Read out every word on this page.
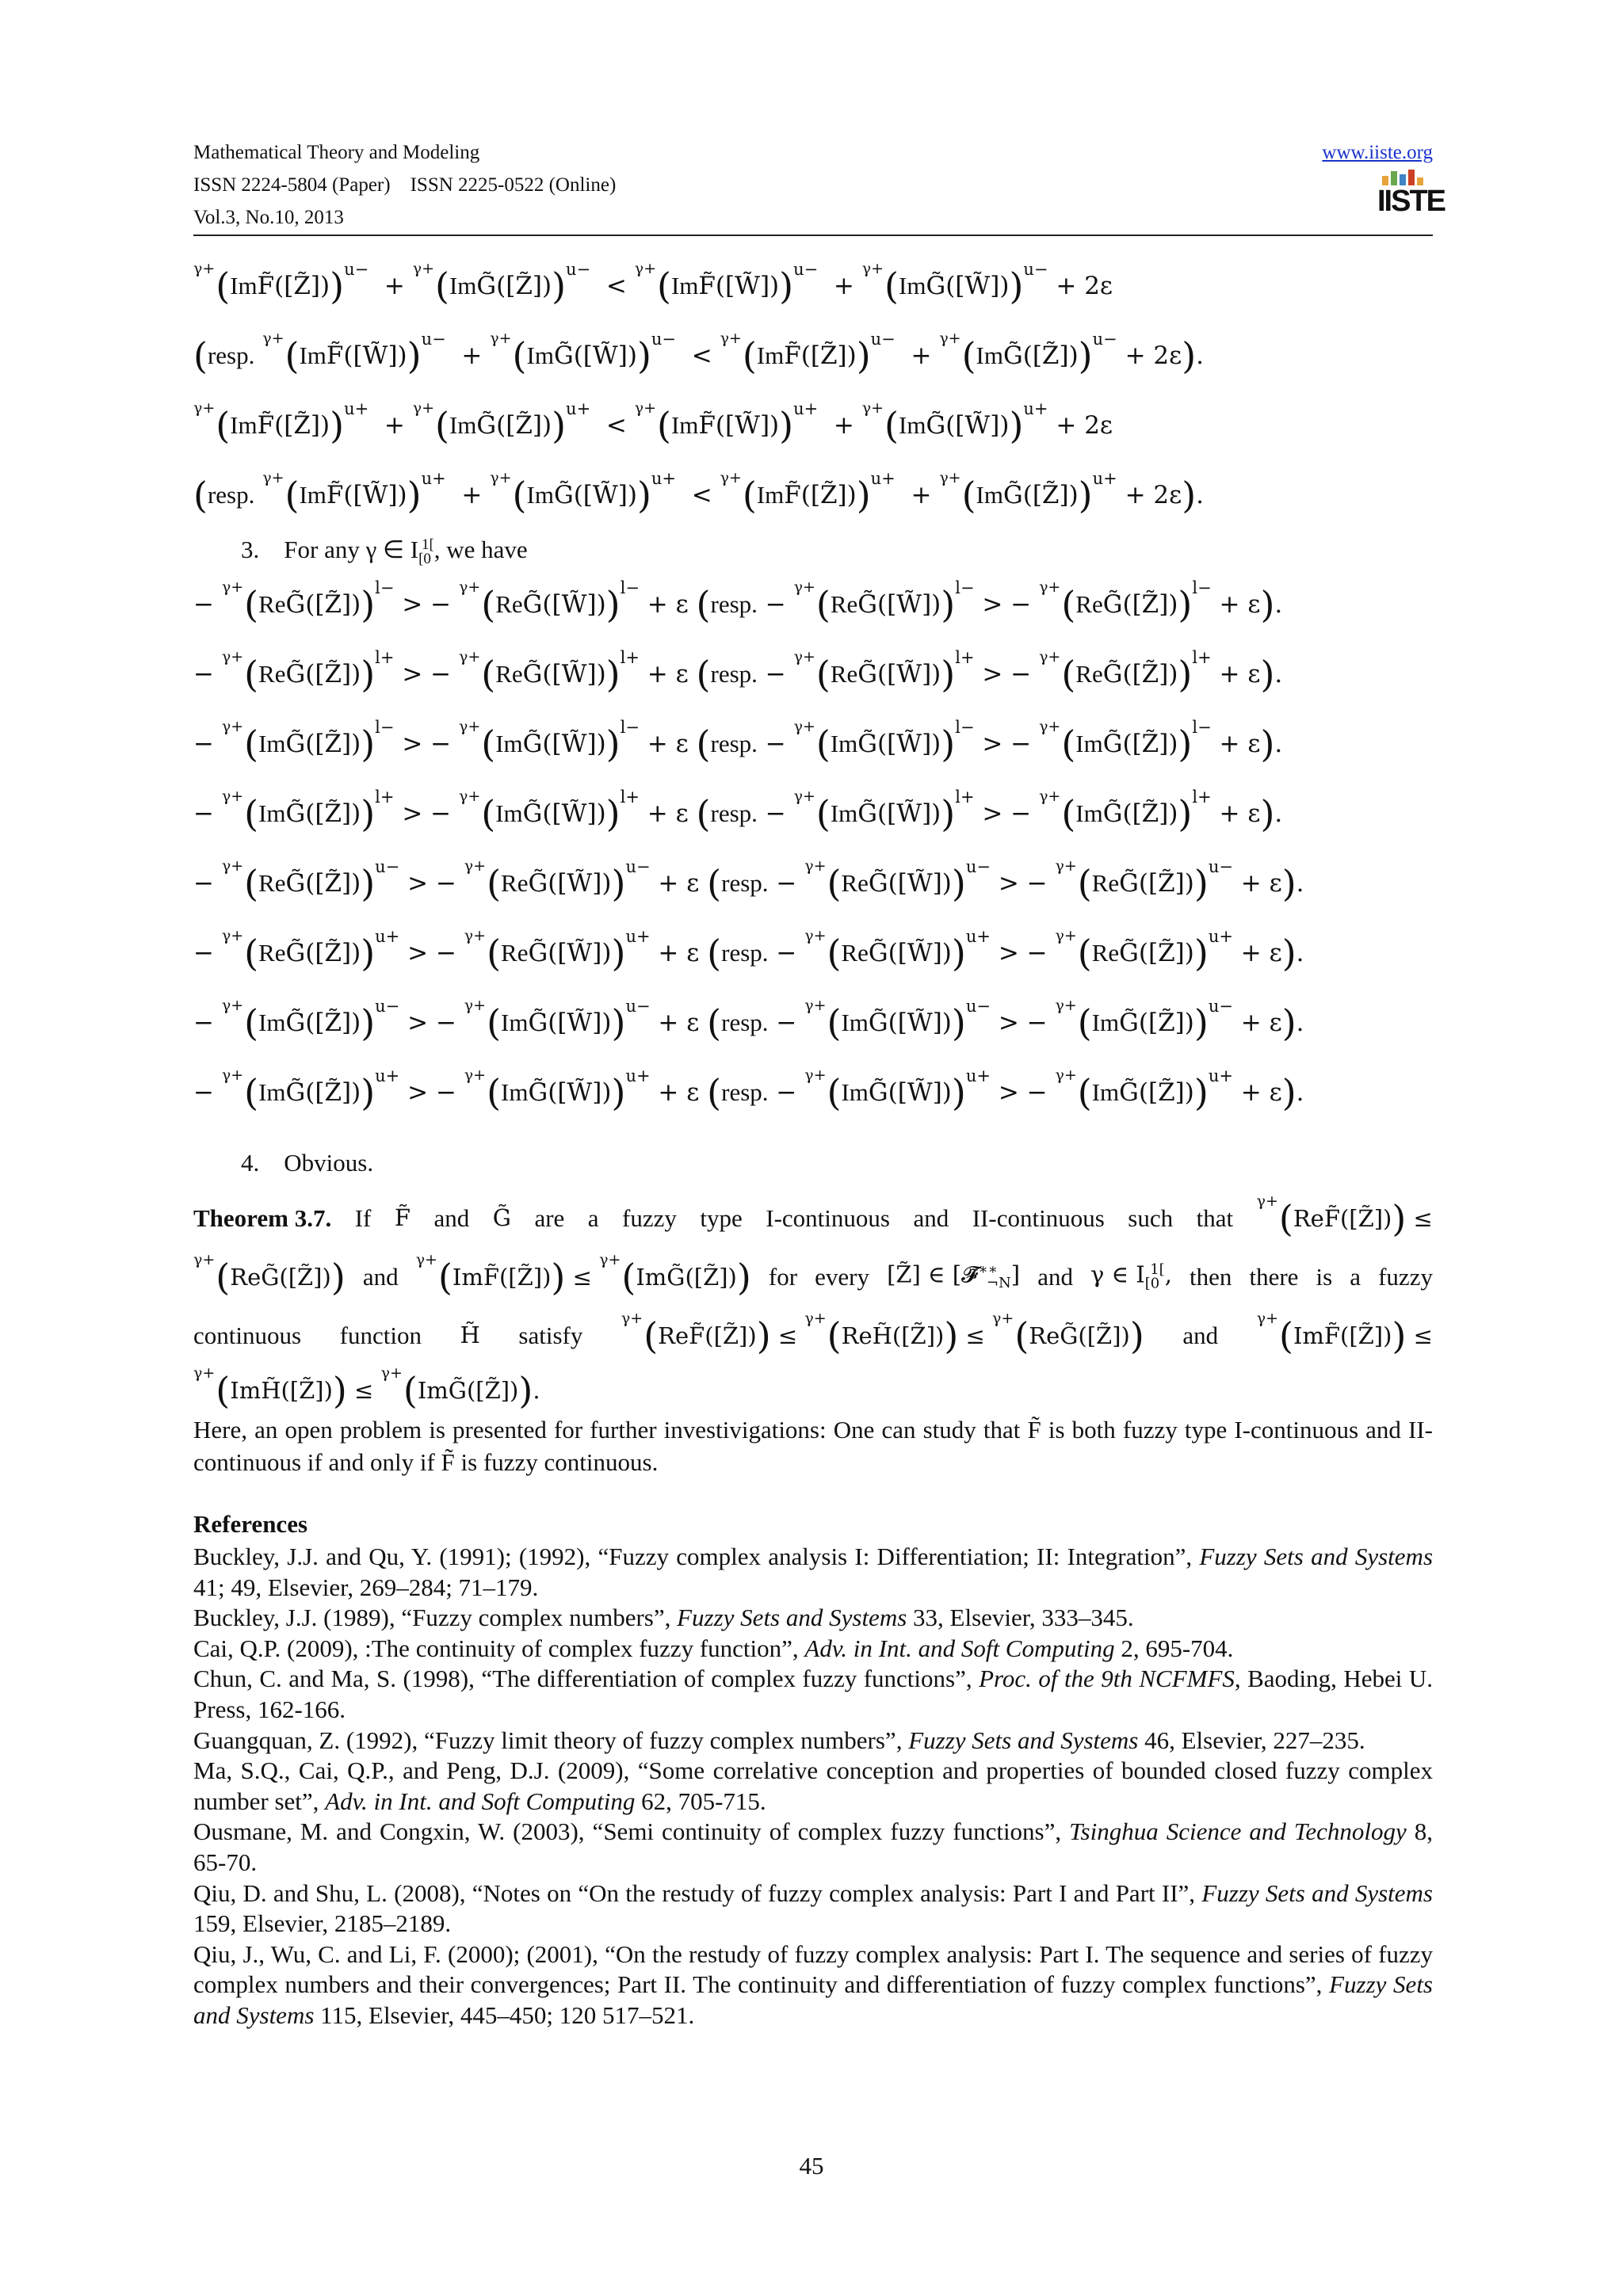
Mathematical Theory and Modeling
ISSN 2224-5804 (Paper)    ISSN 2225-0522 (Online)
Vol.3, No.10, 2013
www.iiste.org
IISTE
$^{\gamma+}$(ImF̃([Z̃]))$^{u-}$  + $^{\gamma+}$(ImG̃([Z̃]))$^{u-}$  < $^{\gamma+}$(ImF̃([W̃]))$^{u-}$  + $^{\gamma+}$(ImG̃([W̃]))$^{u-}$ + 2ε
(resp. $^{\gamma+}$(ImF̃([W̃]))$^{u-}$  + $^{\gamma+}$(ImG̃([W̃]))$^{u-}$  < $^{\gamma+}$(ImF̃([Z̃]))$^{u-}$  + $^{\gamma+}$(ImG̃([Z̃]))$^{u-}$ + 2ε).
$^{\gamma+}$(ImF̃([Z̃]))$^{u+}$  + $^{\gamma+}$(ImG̃([Z̃]))$^{u+}$  < $^{\gamma+}$(ImF̃([W̃]))$^{u+}$  + $^{\gamma+}$(ImG̃([W̃]))$^{u+}$ + 2ε
(resp. $^{\gamma+}$(ImF̃([W̃]))$^{u+}$  + $^{\gamma+}$(ImG̃([W̃]))$^{u+}$  < $^{\gamma+}$(ImF̃([Z̃]))$^{u+}$  + $^{\gamma+}$(ImG̃([Z̃]))$^{u+}$ + 2ε).
3. For any γ ∈ $I_{[0}^{1[}$, we have
− $^{\gamma+}$(ReG̃([Z̃]))$^{l-}$ > − $^{\gamma+}$(ReG̃([W̃]))$^{l-}$ + ε (resp. − $^{\gamma+}$(ReG̃([W̃]))$^{l-}$ > − $^{\gamma+}$(ReG̃([Z̃]))$^{l-}$ + ε).
− $^{\gamma+}$(ReG̃([Z̃]))$^{l+}$ > − $^{\gamma+}$(ReG̃([W̃]))$^{l+}$ + ε (resp. − $^{\gamma+}$(ReG̃([W̃]))$^{l+}$ > − $^{\gamma+}$(ReG̃([Z̃]))$^{l+}$ + ε).
− $^{\gamma+}$(ImG̃([Z̃]))$^{l-}$ > − $^{\gamma+}$(ImG̃([W̃]))$^{l-}$ + ε (resp. − $^{\gamma+}$(ImG̃([W̃]))$^{l-}$ > − $^{\gamma+}$(ImG̃([Z̃]))$^{l-}$ + ε).
− $^{\gamma+}$(ImG̃([Z̃]))$^{l+}$ > − $^{\gamma+}$(ImG̃([W̃]))$^{l+}$ + ε (resp. − $^{\gamma+}$(ImG̃([W̃]))$^{l+}$ > − $^{\gamma+}$(ImG̃([Z̃]))$^{l+}$ + ε).
− $^{\gamma+}$(ReG̃([Z̃]))$^{u-}$ > − $^{\gamma+}$(ReG̃([W̃]))$^{u-}$ + ε (resp. − $^{\gamma+}$(ReG̃([W̃]))$^{u-}$ > − $^{\gamma+}$(ReG̃([Z̃]))$^{u-}$ + ε).
− $^{\gamma+}$(ReG̃([Z̃]))$^{u+}$ > − $^{\gamma+}$(ReG̃([W̃]))$^{u+}$ + ε (resp. − $^{\gamma+}$(ReG̃([W̃]))$^{u+}$ > − $^{\gamma+}$(ReG̃([Z̃]))$^{u+}$ + ε).
− $^{\gamma+}$(ImG̃([Z̃]))$^{u-}$ > − $^{\gamma+}$(ImG̃([W̃]))$^{u-}$ + ε (resp. − $^{\gamma+}$(ImG̃([W̃]))$^{u-}$ > − $^{\gamma+}$(ImG̃([Z̃]))$^{u-}$ + ε).
− $^{\gamma+}$(ImG̃([Z̃]))$^{u+}$ > − $^{\gamma+}$(ImG̃([W̃]))$^{u+}$ + ε (resp. − $^{\gamma+}$(ImG̃([W̃]))$^{u+}$ > − $^{\gamma+}$(ImG̃([Z̃]))$^{u+}$ + ε).
4. Obvious.
Theorem 3.7. If F̃ and G̃ are a fuzzy type I-continuous and II-continuous such that
$^{\gamma+}$(ReF̃([Z̃])) ≤
$^{\gamma+}$(ReG̃([Z̃])) and
$^{\gamma+}$(ImF̃([Z̃])) ≤ $^{\gamma+}$(ImG̃([Z̃])) for every [Z̃] ∈ $[𝓕̃^{∗∗}_{\neg N}]$ and γ ∈ $I_{[0}^{1[}$, then there is a fuzzy
continuous function H̃ satisfy
$^{\gamma+}$(ReF̃([Z̃])) ≤ $^{\gamma+}$(ReH̃([Z̃])) ≤ $^{\gamma+}$(ReG̃([Z̃])) and
$^{\gamma+}$(ImF̃([Z̃])) ≤
$^{\gamma+}$(ImH̃([Z̃])) ≤ $^{\gamma+}$(ImG̃([Z̃])).
Here, an open problem is presented for further investivigations: One can study that F̃ is both fuzzy type I-continuous and II-continuous if and only if F̃ is fuzzy continuous.
References
Buckley, J.J. and Qu, Y. (1991); (1992), “Fuzzy complex analysis I: Differentiation; II: Integration”, Fuzzy Sets and Systems 41; 49, Elsevier, 269–284; 71–179.
Buckley, J.J. (1989), “Fuzzy complex numbers”, Fuzzy Sets and Systems 33, Elsevier, 333–345.
Cai, Q.P. (2009), :The continuity of complex fuzzy function”, Adv. in Int. and Soft Computing 2, 695-704.
Chun, C. and Ma, S. (1998), “The differentiation of complex fuzzy functions”, Proc. of the 9th NCFMFS, Baoding, Hebei U. Press, 162-166.
Guangquan, Z. (1992), “Fuzzy limit theory of fuzzy complex numbers”, Fuzzy Sets and Systems 46, Elsevier, 227–235.
Ma, S.Q., Cai, Q.P., and Peng, D.J. (2009), “Some correlative conception and properties of bounded closed fuzzy complex number set”, Adv. in Int. and Soft Computing 62, 705-715.
Ousmane, M. and Congxin, W. (2003), “Semi continuity of complex fuzzy functions”, Tsinghua Science and Technology 8, 65-70.
Qiu, D. and Shu, L. (2008), “Notes on “On the restudy of fuzzy complex analysis: Part I and Part II”, Fuzzy Sets and Systems 159, Elsevier, 2185–2189.
Qiu, J., Wu, C. and Li, F. (2000); (2001), “On the restudy of fuzzy complex analysis: Part I. The sequence and series of fuzzy complex numbers and their convergences; Part II. The continuity and differentiation of fuzzy complex functions”, Fuzzy Sets and Systems 115, Elsevier, 445–450; 120 517–521.
45
